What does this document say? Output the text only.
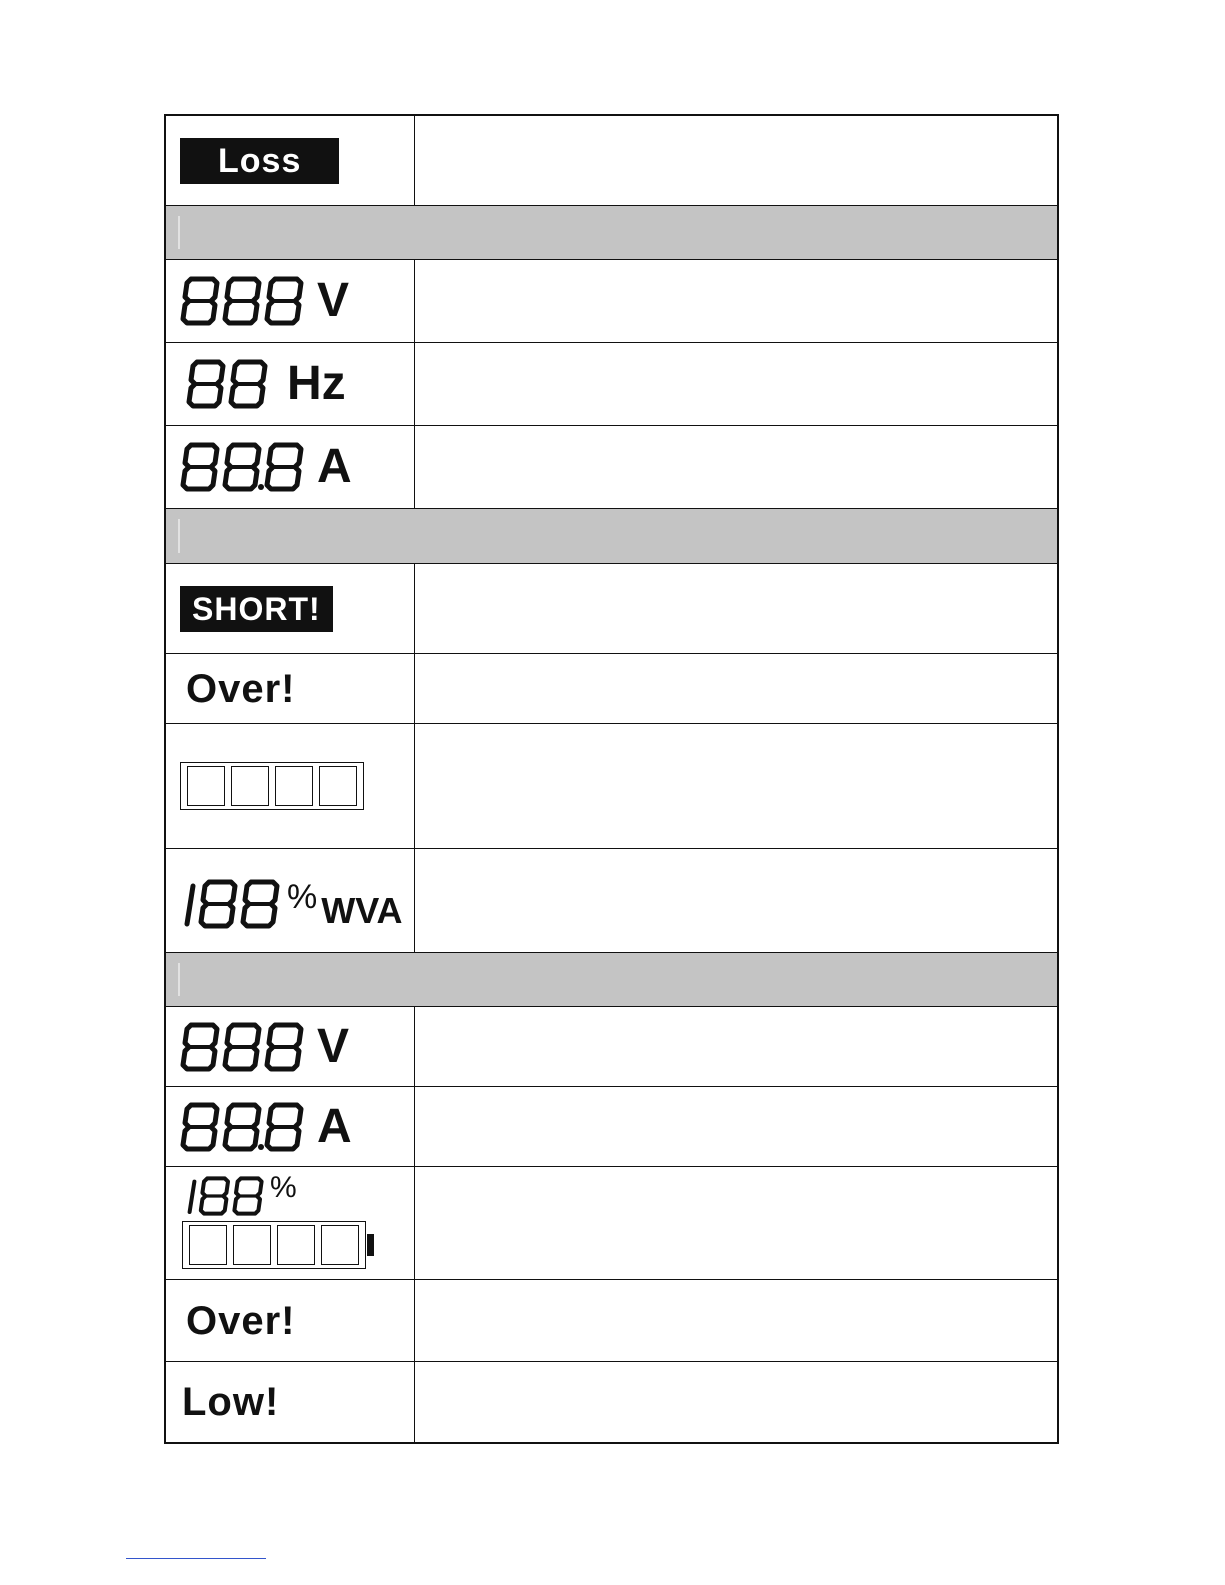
Loss
V
Hz
A
SHORT!
Over!
% WVA
V
A
%
Over!
Low!
